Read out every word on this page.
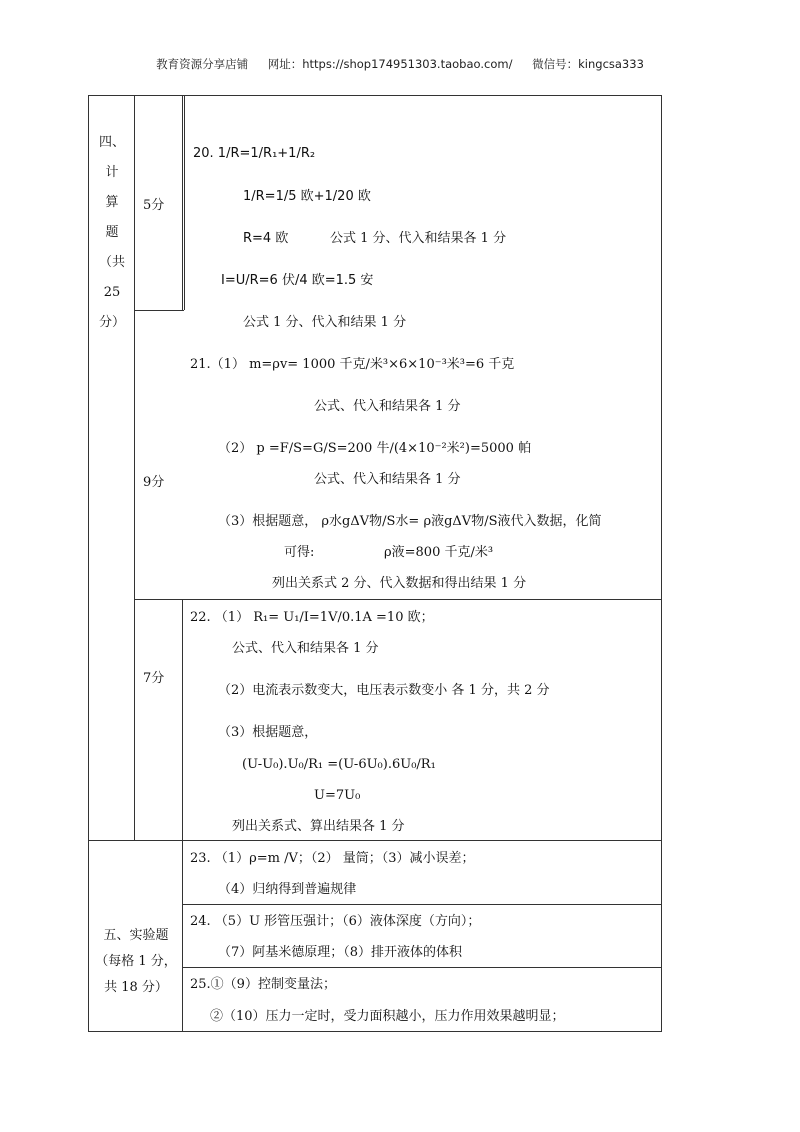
教育资源分享店铺 网址：https://shop174951303.taobao.com/ 微信号：kingcsa333
四、
计
算
题
（共
25
分）
5分
9分
7分
20. 1/R=1/R₁+1/R₂
1/R=1/5 欧+1/20 欧
R=4 欧	公式 1 分、代入和结果各 1 分
I=U/R=6 伏/4 欧=1.5 安
公式 1 分、代入和结果 1 分
21.（1） m=ρv= 1000 千克/米³×6×10⁻³米³=6 千克
公式、代入和结果各 1 分
（2） p =F/S=G/S=200 牛/(4×10⁻²米²)=5000 帕
公式、代入和结果各 1 分
（3）根据题意， ρ水gΔV物/S水= ρ液gΔV物/S液代入数据，化简
可得:	ρ液=800 千克/米³
列出关系式 2 分、代入数据和得出结果 1 分
22. （1） R₁= U₁/I=1V/0.1A =10 欧；
公式、代入和结果各 1 分
（2）电流表示数变大，电压表示数变小 各 1 分，共 2 分
（3）根据题意，
(U-U₀).U₀/R₁ =(U-6U₀).6U₀/R₁
U=7U₀
列出关系式、算出结果各 1 分
五、实验题
（每格 1 分，
共 18 分）
23. （1）ρ=m /V；（2） 量筒；（3）减小误差；
（4）归纳得到普遍规律
24. （5）U 形管压强计；（6）液体深度（方向）；
（7）阿基米德原理；（8）排开液体的体积
25.①（9）控制变量法；
②（10）压力一定时，受力面积越小，压力作用效果越明显；
